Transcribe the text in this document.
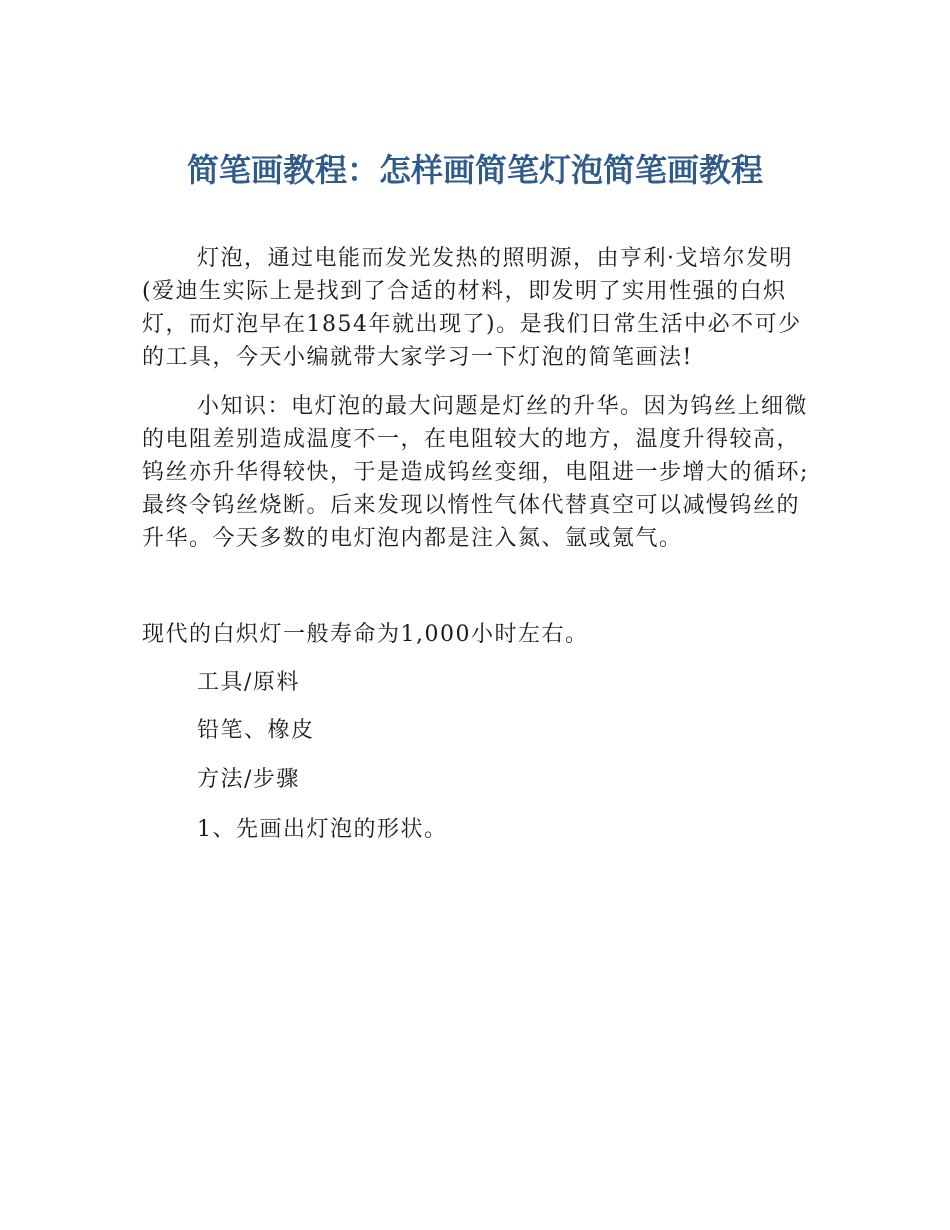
简笔画教程：怎样画简笔灯泡简笔画教程

灯泡，通过电能而发光发热的照明源，由亨利·戈培尔发明(爱迪生实际上是找到了合适的材料，即发明了实用性强的白炽灯，而灯泡早在1854年就出现了)。是我们日常生活中必不可少的工具，今天小编就带大家学习一下灯泡的简笔画法!

小知识：电灯泡的最大问题是灯丝的升华。因为钨丝上细微的电阻差别造成温度不一，在电阻较大的地方，温度升得较高，钨丝亦升华得较快，于是造成钨丝变细，电阻进一步增大的循环;最终令钨丝烧断。后来发现以惰性气体代替真空可以减慢钨丝的升华。今天多数的电灯泡内都是注入氮、氩或氪气。

现代的白炽灯一般寿命为1,000小时左右。

工具/原料

铅笔、橡皮

方法/步骤

1、先画出灯泡的形状。
